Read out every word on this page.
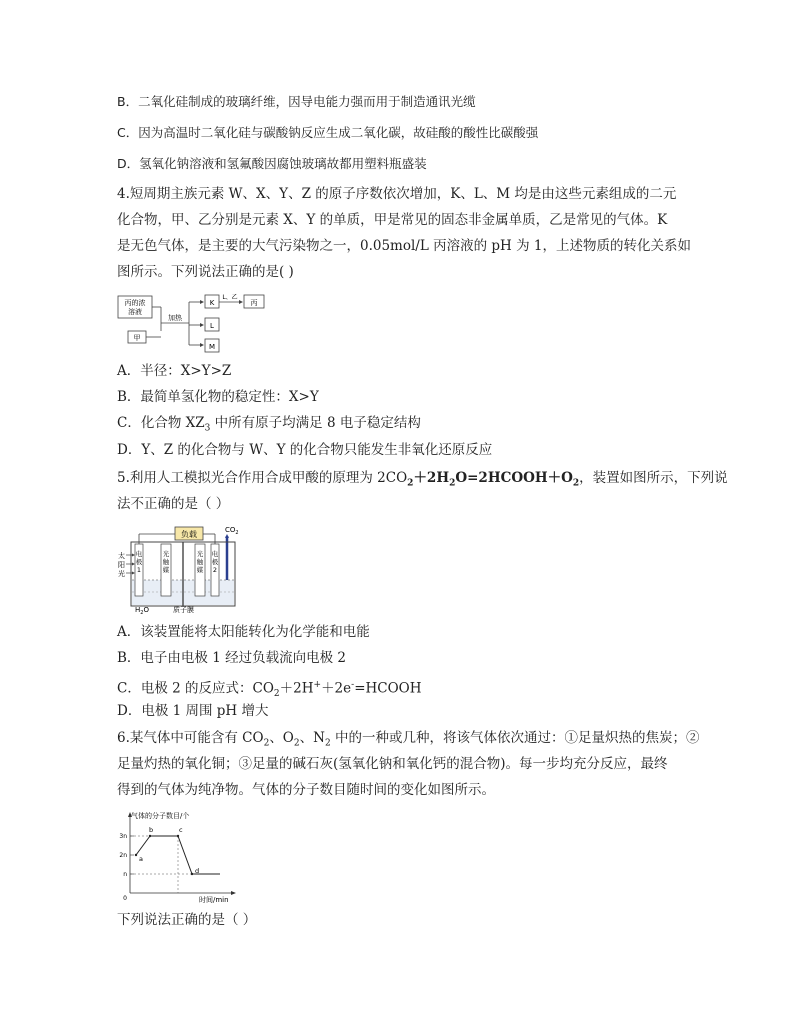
B．二氧化硅制成的玻璃纤维，因导电能力强而用于制造通讯光缆
C．因为高温时二氧化硅与碳酸钠反应生成二氧化碳，故硅酸的酸性比碳酸强
D．氢氧化钠溶液和氢氟酸因腐蚀玻璃故都用塑料瓶盛装
4.短周期主族元素 W、X、Y、Z 的原子序数依次增加，K、L、M 均是由这些元素组成的二元
化合物，甲、乙分别是元素 X、Y 的单质，甲是常见的固态非金属单质，乙是常见的气体。K
是无色气体，是主要的大气污染物之一，0.05mol/L 丙溶液的 pH 为 1，上述物质的转化关系如
图所示。下列说法正确的是( )
丙的浓
溶液
甲
加热
K
L
M
L、乙
丙
A．半径：X>Y>Z
B．最简单氢化物的稳定性：X>Y
C．化合物 $XZ_3$ 中所有原子均满足 8 电子稳定结构
D．Y、Z 的化合物与 W、Y 的化合物只能发生非氧化还原反应
5.利用人工模拟光合作用合成甲酸的原理为 $2CO_2+2H_2O=2HCOOH+O_2$，装置如图所示，下列说
法不正确的是（ ）
负载	$CO_2$
电
极
1
光
触
媒
光
触
媒
电
极
2
太
阳
光
$H_2O$	质子膜
A．该装置能将太阳能转化为化学能和电能
B．电子由电极 1 经过负载流向电极 2
C．电极 2 的反应式：$CO_2+2H^++2e^-=HCOOH$
D．电极 1 周围 pH 增大
6.某气体中可能含有 $CO_2$、$O_2$、$N_2$ 中的一种或几种，将该气体依次通过：①足量炽热的焦炭；②
足量灼热的氧化铜；③足量的碱石灰(氢氧化钠和氧化钙的混合物)。每一步均充分反应，最终
得到的气体为纯净物。气体的分子数目随时间的变化如图所示。
气体的分子数目/个
时间/min
0
3n
2n
n
a
b	c
d
下列说法正确的是（ ）
